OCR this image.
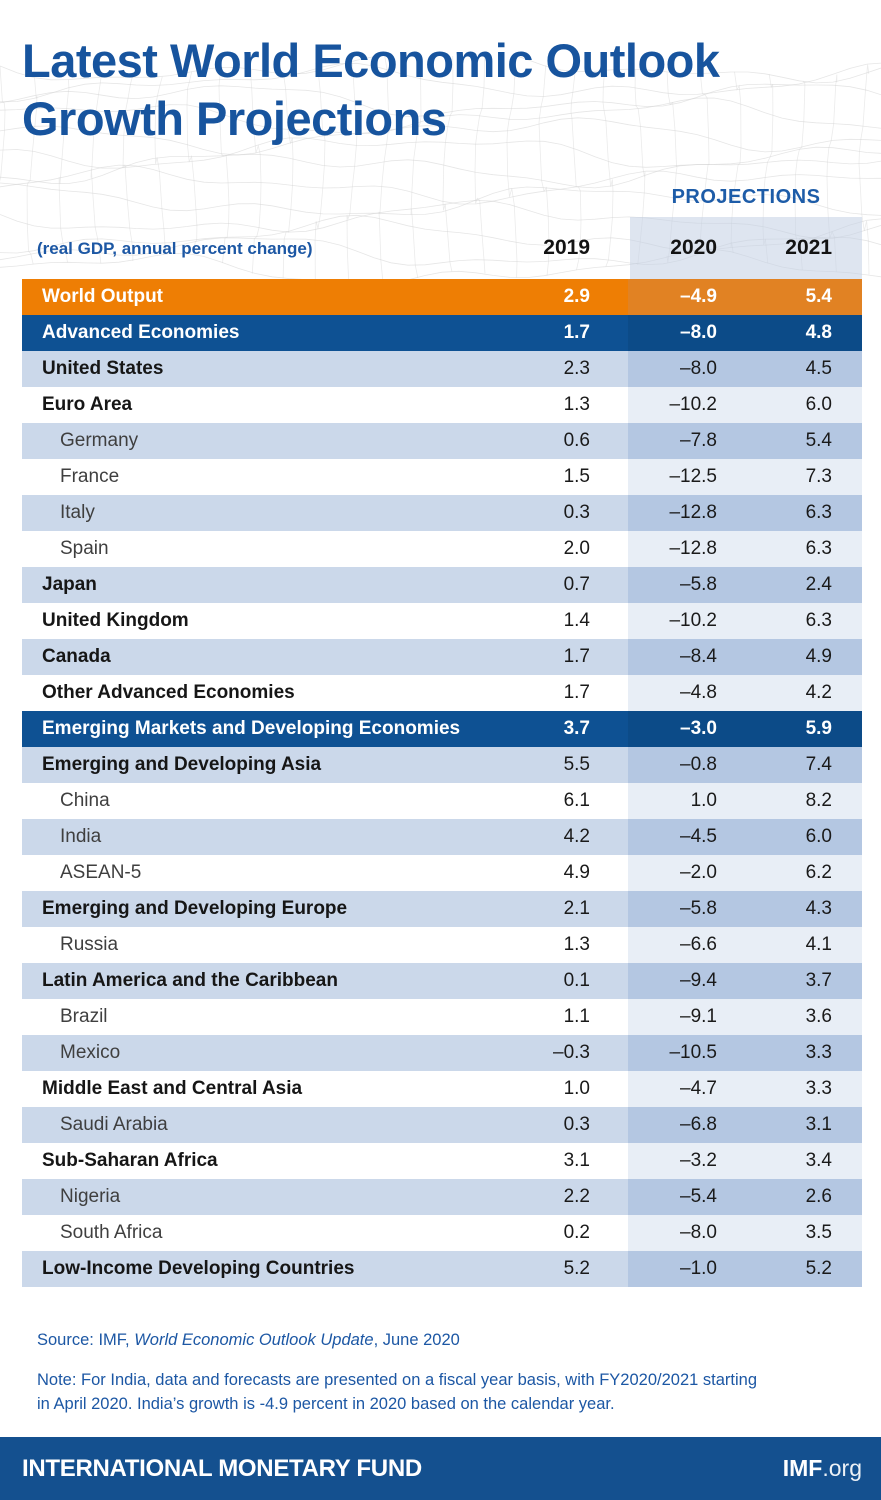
Latest World Economic Outlook
Growth Projections
PROJECTIONS
(real GDP, annual percent change)	2019	2020	2021
World Output	2.9	–4.9	5.4
Advanced Economies	1.7	–8.0	4.8
United States	2.3	–8.0	4.5
Euro Area	1.3	–10.2	6.0
Germany	0.6	–7.8	5.4
France	1.5	–12.5	7.3
Italy	0.3	–12.8	6.3
Spain	2.0	–12.8	6.3
Japan	0.7	–5.8	2.4
United Kingdom	1.4	–10.2	6.3
Canada	1.7	–8.4	4.9
Other Advanced Economies	1.7	–4.8	4.2
Emerging Markets and Developing Economies	3.7	–3.0	5.9
Emerging and Developing Asia	5.5	–0.8	7.4
China	6.1	1.0	8.2
India	4.2	–4.5	6.0
ASEAN-5	4.9	–2.0	6.2
Emerging and Developing Europe	2.1	–5.8	4.3
Russia	1.3	–6.6	4.1
Latin America and the Caribbean	0.1	–9.4	3.7
Brazil	1.1	–9.1	3.6
Mexico	–0.3	–10.5	3.3
Middle East and Central Asia	1.0	–4.7	3.3
Saudi Arabia	0.3	–6.8	3.1
Sub-Saharan Africa	3.1	–3.2	3.4
Nigeria	2.2	–5.4	2.6
South Africa	0.2	–8.0	3.5
Low-Income Developing Countries	5.2	–1.0	5.2
Source: IMF, World Economic Outlook Update, June 2020
Note: For India, data and forecasts are presented on a fiscal year basis, with FY2020/2021 starting
in April 2020. India’s growth is -4.9 percent in 2020 based on the calendar year.
INTERNATIONAL MONETARY FUND	IMF.org
